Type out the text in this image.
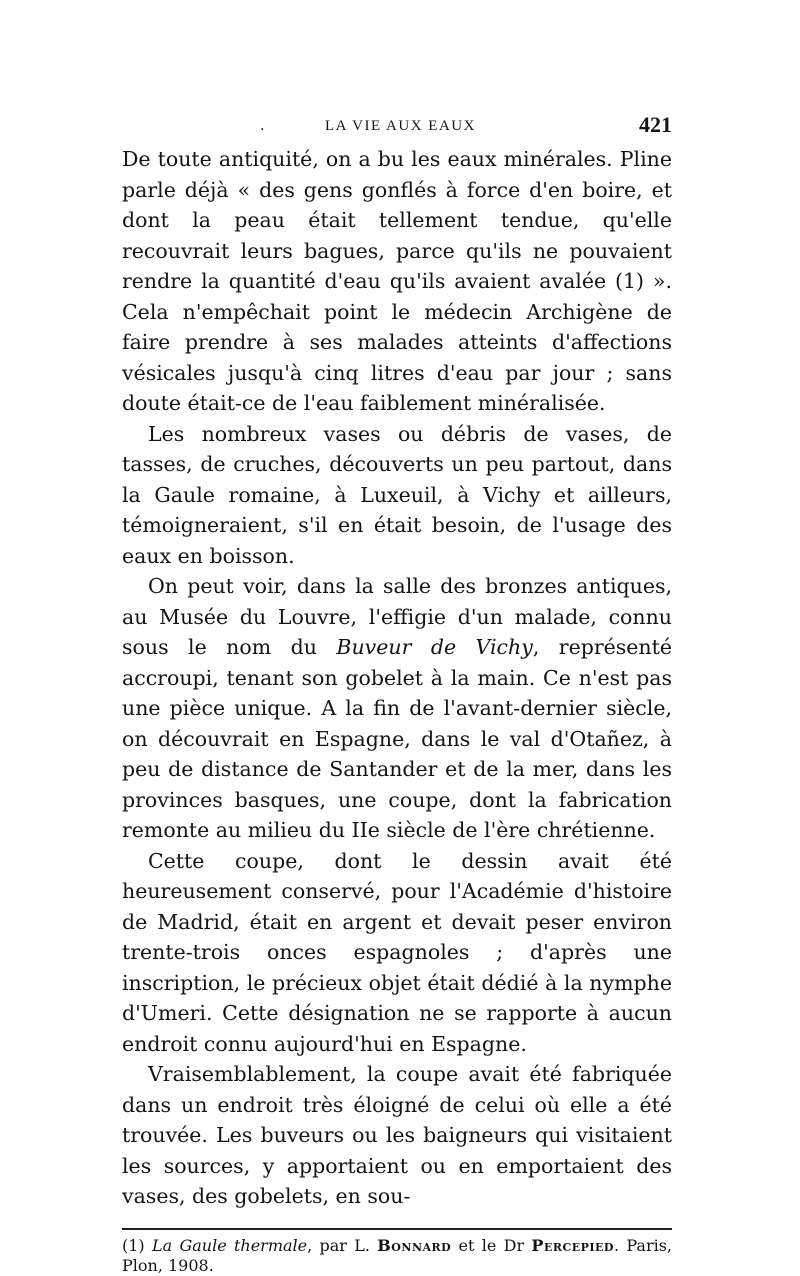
.	LA VIE AUX EAUX	421

De toute antiquité, on a bu les eaux minérales. Pline parle déjà « des gens gonflés à force d'en boire, et dont la peau était tellement tendue, qu'elle recouvrait leurs bagues, parce qu'ils ne pouvaient rendre la quantité d'eau qu'ils avaient avalée (1) ». Cela n'empêchait point le médecin Archigène de faire prendre à ses malades atteints d'affections vésicales jusqu'à cinq litres d'eau par jour ; sans doute était-ce de l'eau faiblement minéralisée.

Les nombreux vases ou débris de vases, de tasses, de cruches, découverts un peu partout, dans la Gaule romaine, à Luxeuil, à Vichy et ailleurs, témoigneraient, s'il en était besoin, de l'usage des eaux en boisson.

On peut voir, dans la salle des bronzes antiques, au Musée du Louvre, l'effigie d'un malade, connu sous le nom du Buveur de Vichy, représenté accroupi, tenant son gobelet à la main. Ce n'est pas une pièce unique. A la fin de l'avant-dernier siècle, on découvrait en Espagne, dans le val d'Otañez, à peu de distance de Santander et de la mer, dans les provinces basques, une coupe, dont la fabrication remonte au milieu du IIe siècle de l'ère chrétienne.

Cette coupe, dont le dessin avait été heureusement conservé, pour l'Académie d'histoire de Madrid, était en argent et devait peser environ trente-trois onces espagnoles ; d'après une inscription, le précieux objet était dédié à la nymphe d'Umeri. Cette désignation ne se rapporte à aucun endroit connu aujourd'hui en Espagne.

Vraisemblablement, la coupe avait été fabriquée dans un endroit très éloigné de celui où elle a été trouvée. Les buveurs ou les baigneurs qui visitaient les sources, y apportaient ou en emportaient des vases, des gobelets, en sou-

(1) La Gaule thermale, par L. Bonnard et le Dr Percepied. Paris, Plon, 1908.
